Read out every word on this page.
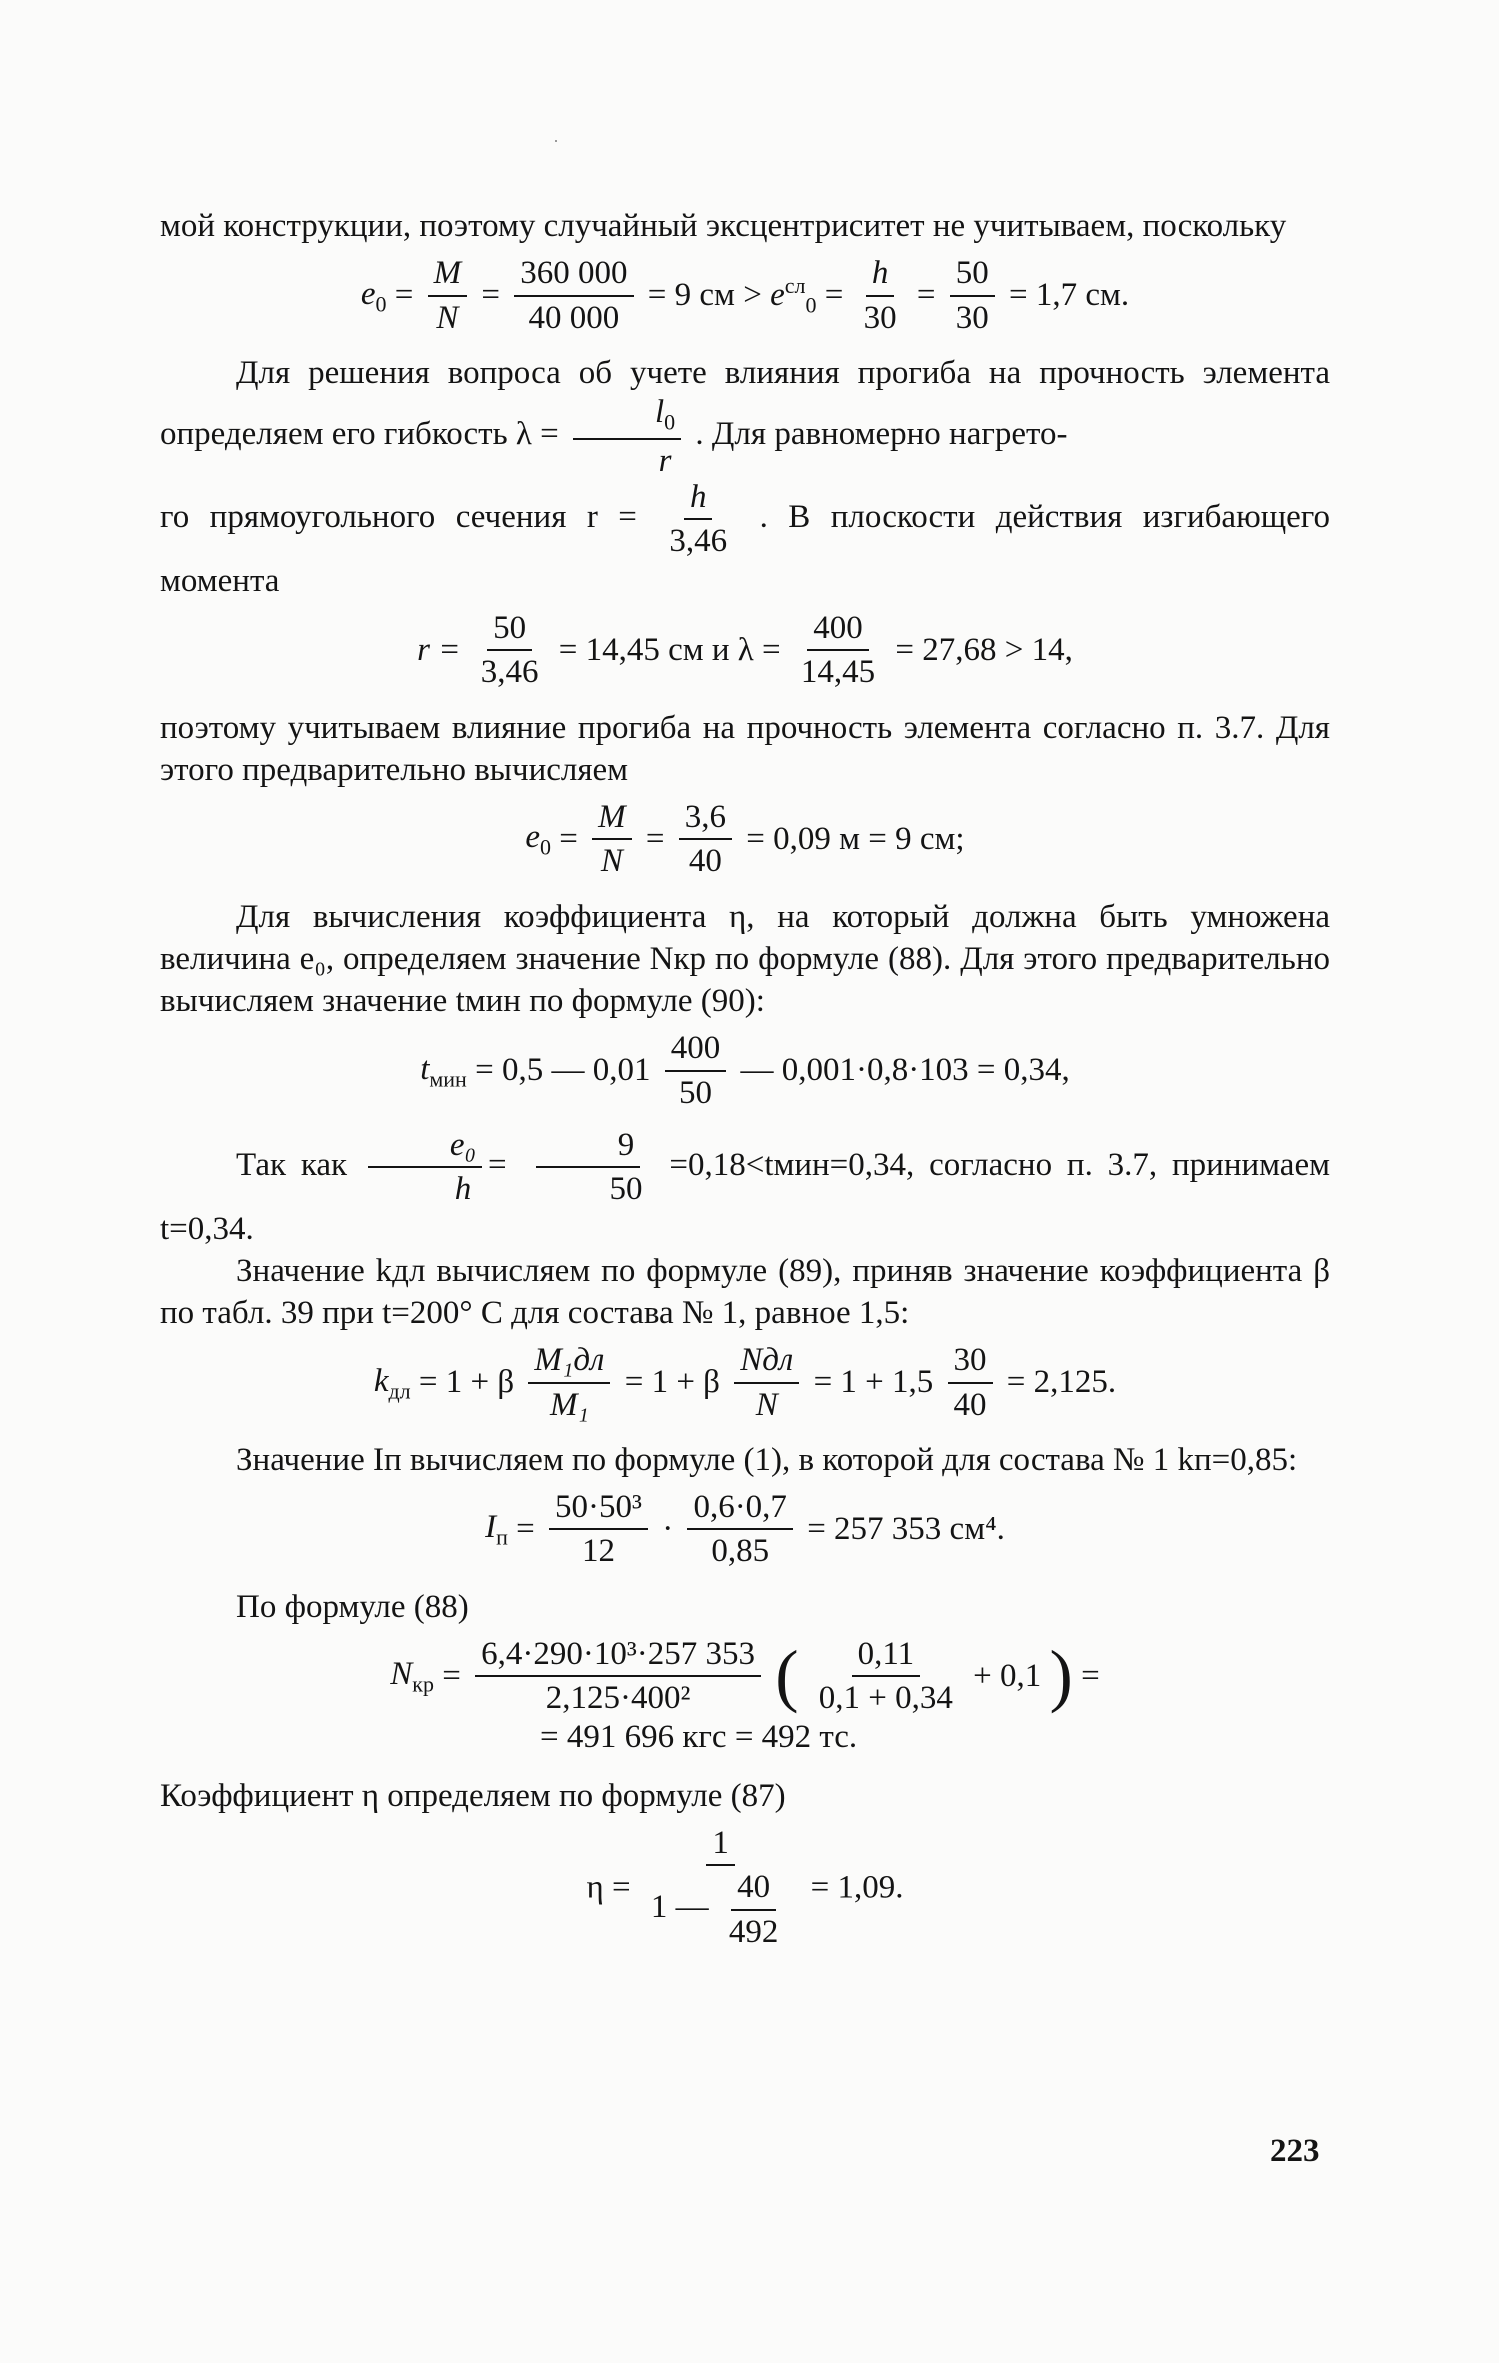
мой конструкции, поэтому случайный эксцентриситет не учитываем, поскольку

$e_0 = \frac{M}{N} = \frac{360 000}{40 000} = 9$ см > $e^{сл}_0 = \frac{h}{30} = \frac{50}{30} = 1,7$ см.

Для решения вопроса об учете влияния прогиба на прочность элемента определяем его гибкость $\lambda = \frac{l_0}{r}$ . Для равномерно нагрето-

го прямоугольного сечения $r = \frac{h}{3,46}$ . В плоскости действия изгибающего момента

$r = \frac{50}{3,46} = 14,45$ см и $\lambda = \frac{400}{14,45} = 27,68 > 14$,

поэтому учитываем влияние прогиба на прочность элемента согласно п. 3.7. Для этого предварительно вычисляем

$e_0 = \frac{M}{N} = \frac{3,6}{40} = 0,09$ м = 9 см;

Для вычисления коэффициента η, на который должна быть умножена величина e₀, определяем значение Nкр по формуле (88). Для этого предварительно вычисляем значение tмин по формуле (90):

$t_{мин} = 0,5$ — $0,01 \frac{400}{50}$ — 0,001·0,8·103 = 0,34,

Так как $\frac{\text{e₀}}{h} = \frac{9}{50}$ =0,18<tмин=0,34, согласно п. 3.7, принимаем t=0,34.

Значение kдл вычисляем по формуле (89), приняв значение коэффициента β по табл. 39 при t=200° С для состава № 1, равное 1,5:

$k_{дл} = 1 + \beta \frac{\text{M₁дл}}{\text{M₁}} = 1 + \beta \frac{\text{Nдл}}{N} = 1 + 1,5 \frac{30}{40} = 2,125$.

Значение Iп вычисляем по формуле (1), в которой для состава № 1 kп=0,85:

$I_п = \frac{\text{50·50³}}{12} \cdot \frac{0,6\cdot 0,7}{0,85} = 257$ 353 см⁴.

По формуле (88)

$N_{кр} = \frac{\text{6,4·290·10³·257 353}}{\text{2,125·400²}}$ ( $\frac{0,11}{0,1 + 0,34} + 0,1$ ) =
= 491 696 кгс = 492 тс.

Коэффициент η определяем по формуле (87)

$\eta = \frac{1}{1 — \frac{40}{492}} = 1,09$.
223
